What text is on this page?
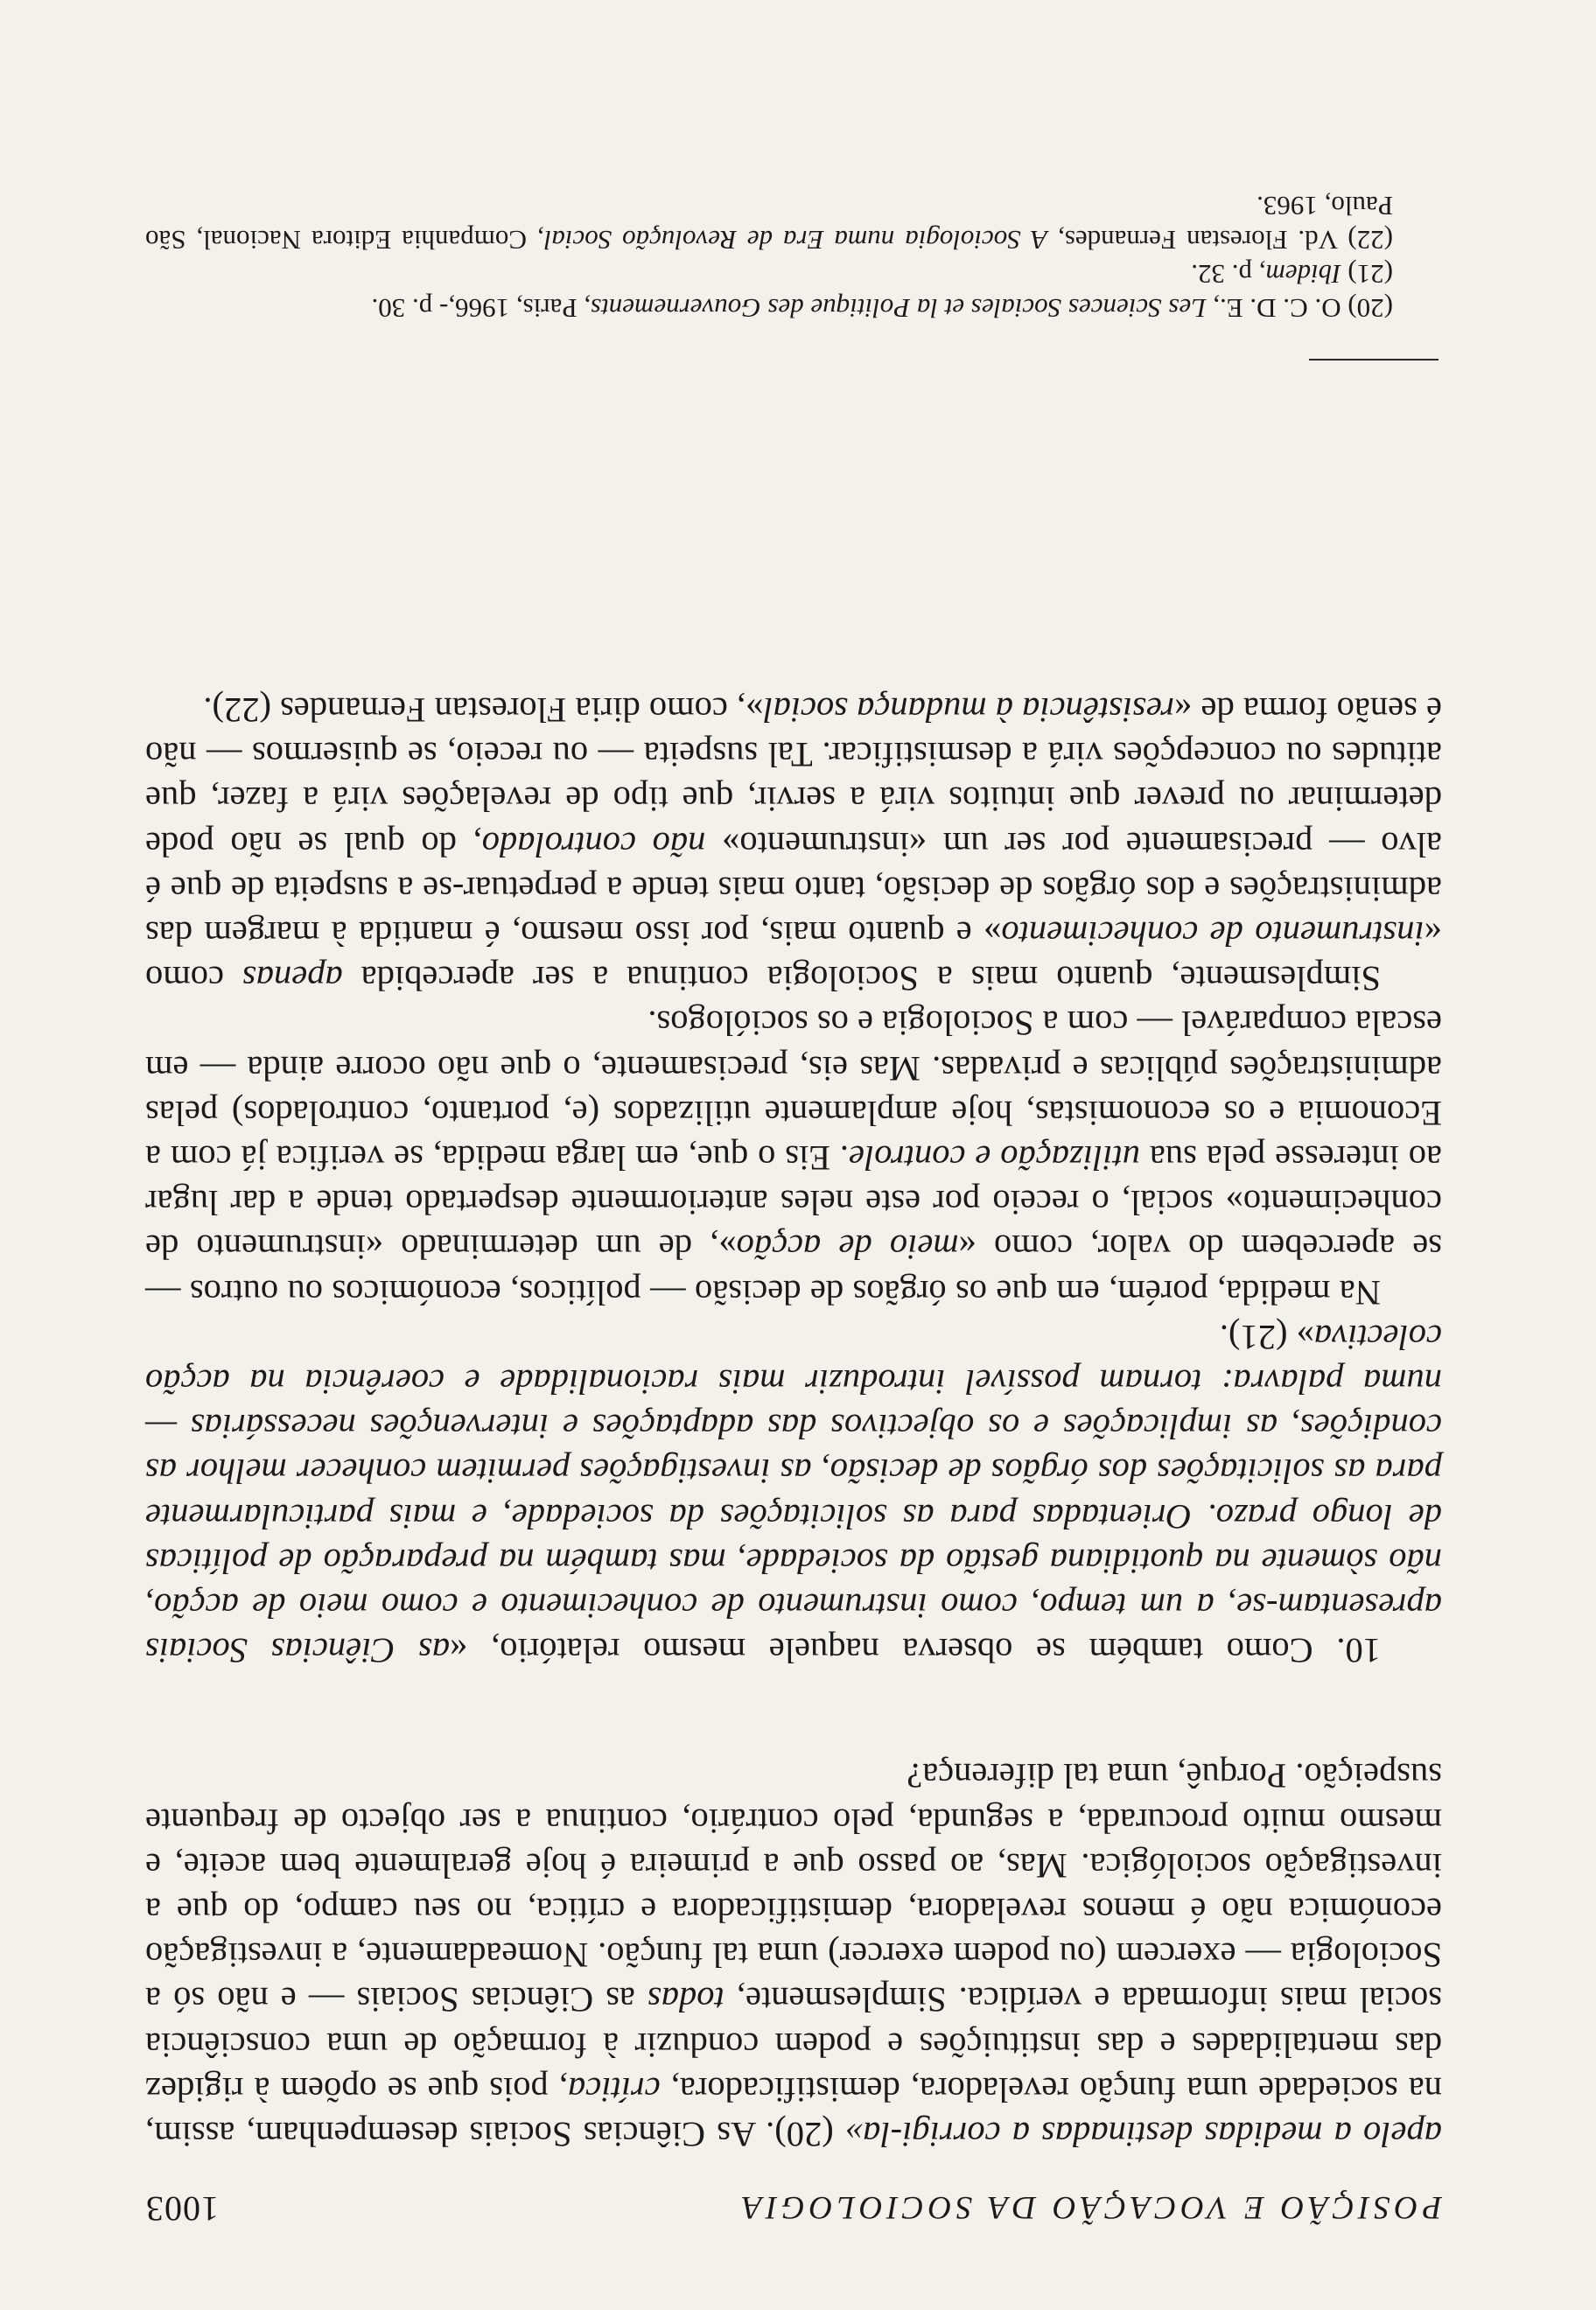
POSIÇÃO E VOCAÇÃO DA SOCIOLOGIA
1003

apelo a medidas destinadas a corrigi-la» (20). As Ciências Sociais desempenham, assim, na sociedade uma função reveladora, demistificadora, crítica, pois que se opõem à rigidez das mentalidades e das instituições e podem conduzir à formação de uma consciência social mais informada e verídica. Simplesmente, todas as Ciências Sociais — e não só a Sociologia — exercem (ou podem exercer) uma tal função. Nomeadamente, a investigação económica não é menos reveladora, demistificadora e crítica, no seu campo, do que a investigação sociológica. Mas, ao passo que a primeira é hoje geralmente bem aceite, e mesmo muito procurada, a segunda, pelo contrário, continua a ser objecto de frequente suspeição. Porquê, uma tal diferença?

10. Como também se observa naquele mesmo relatório, «as Ciências Sociais apresentam-se, a um tempo, como instrumento de conhecimento e como meio de acção, não sòmente na quotidiana gestão da sociedade, mas também na preparação de políticas de longo prazo. Orientadas para as solicitações da sociedade, e mais particularmente para as solicitações dos órgãos de decisão, as investigações permitem conhecer melhor as condições, as implicações e os objectivos das adaptações e intervenções necessárias — numa palavra: tornam possível introduzir mais racionalidade e coerência na acção colectiva» (21).

Na medida, porém, em que os órgãos de decisão — políticos, económicos ou outros — se apercebem do valor, como «meio de acção», de um determinado «instrumento de conhecimento» social, o receio por este neles anteriormente despertado tende a dar lugar ao interesse pela sua utilização e controle. Eis o que, em larga medida, se verifica já com a Economia e os economistas, hoje amplamente utilizados (e, portanto, controlados) pelas administrações públicas e privadas. Mas eis, precisamente, o que não ocorre ainda — em escala comparável — com a Sociologia e os sociólogos.

Simplesmente, quanto mais a Sociologia continua a ser apercebida apenas como «instrumento de conhecimento» e quanto mais, por isso mesmo, é mantida à margem das administrações e dos órgãos de decisão, tanto mais tende a perpetuar-se a suspeita de que é alvo — precisamente por ser um «instrumento» não controlado, do qual se não pode determinar ou prever que intuitos virá a servir, que tipo de revelações virá a fazer, que atitudes ou concepções virá a desmistificar. Tal suspeita — ou receio, se quisermos — não é senão forma de «resistência à mudança social», como diria Florestan Fernandes (22).

(20) O. C. D. E., Les Sciences Sociales et la Politique des Gouvernements, Paris, 1966,- p. 30.

(21) Ibidem, p. 32.

(22) Vd. Florestan Fernandes, A Sociologia numa Era de Revolução Social, Companhia Editora Nacional, São Paulo, 1963.
